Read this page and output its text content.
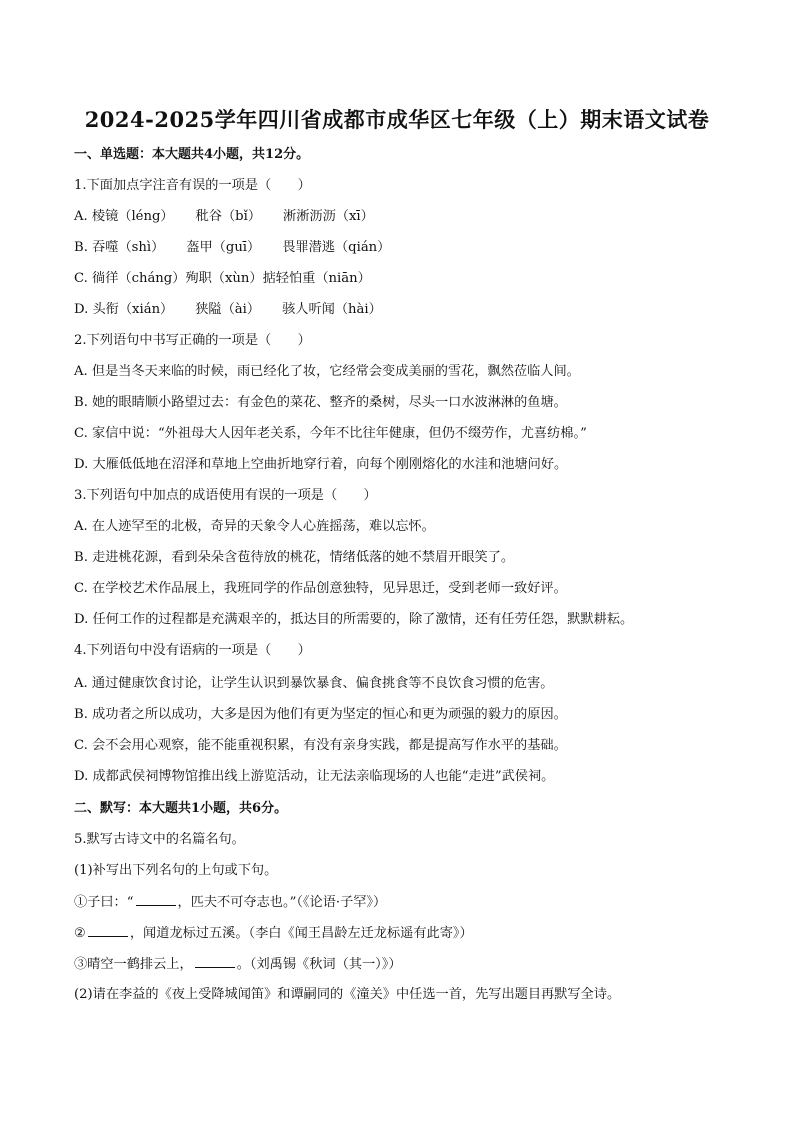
2024-2025学年四川省成都市成华区七年级（上）期末语文试卷
一、单选题：本大题共4小题，共12分。
1.下面加点字注音有误的一项是（　　）
A. 棱镜（léng） 秕谷（bǐ） 淅淅沥沥（xī）
B. 吞噬（shì） 盔甲（guī） 畏罪潜逃（qián）
C. 徜徉（cháng）殉职（xùn）掂轻怕重（niān）
D. 头衔（xián） 狭隘（ài） 骇人听闻（hài）
2.下列语句中书写正确的一项是（　　）
A. 但是当冬天来临的时候，雨已经化了妆，它经常会变成美丽的雪花，飘然莅临人间。
B. 她的眼睛顺小路望过去：有金色的菜花、整齐的桑树，尽头一口水波淋淋的鱼塘。
C. 家信中说：“外祖母大人因年老关系，今年不比往年健康，但仍不缀劳作，尤喜纺棉。”
D. 大雁低低地在沼泽和草地上空曲折地穿行着，向每个刚刚熔化的水洼和池塘问好。
3.下列语句中加点的成语使用有误的一项是（　　）
A. 在人迹罕至的北极，奇异的天象令人心旌摇荡，难以忘怀。
B. 走进桃花源，看到朵朵含苞待放的桃花，情绪低落的她不禁眉开眼笑了。
C. 在学校艺术作品展上，我班同学的作品创意独特，见异思迁，受到老师一致好评。
D. 任何工作的过程都是充满艰辛的，抵达目的所需要的，除了激情，还有任劳任怨，默默耕耘。
4.下列语句中没有语病的一项是（　　）
A. 通过健康饮食讨论，让学生认识到暴饮暴食、偏食挑食等不良饮食习惯的危害。
B. 成功者之所以成功，大多是因为他们有更为坚定的恒心和更为顽强的毅力的原因。
C. 会不会用心观察，能不能重视积累，有没有亲身实践，都是提高写作水平的基础。
D. 成都武侯祠博物馆推出线上游览活动，让无法亲临现场的人也能“走进”武侯祠。
二、默写：本大题共1小题，共6分。
5.默写古诗文中的名篇名句。
(1)补写出下列名句的上句或下句。
①子曰：“	，匹夫不可夺志也。”（《论语·子罕》）
②	，闻道龙标过五溪。（李白《闻王昌龄左迁龙标遥有此寄》）
③晴空一鹤排云上，	。（刘禹锡《秋词（其一）》）
(2)请在李益的《夜上受降城闻笛》和谭嗣同的《潼关》中任选一首，先写出题目再默写全诗。
